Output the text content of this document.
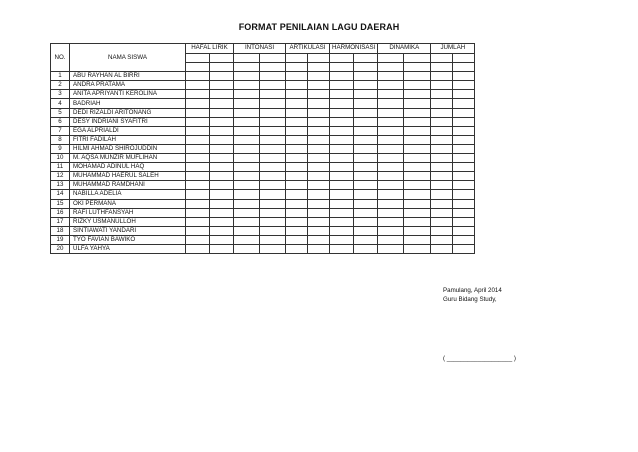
FORMAT PENILAIAN LAGU DAERAH
NO.	NAMA SISWA	HAFAL LIRIK		INTONASI		ARTIKULASI		HARMONISASI		DINAMIKA		JUMLAH	

1	ABU RAYHAN AL BIRRI												
2	ANDRA PRATAMA												
3	ANITA APRIYANTI KEROLINA												
4	BADRIAH												
5	DEDI RIZALDI ARITONANG												
6	DESY INDRIANI SYAFITRI												
7	EGA ALPRIALDI												
8	FITRI FADILAH												
9	HILMI AHMAD SHIROJUDDIN												
10	M. AQSA MUNZIR MUFLIHAN												
11	MOHAMAD ADINUL HAQ												
12	MUHAMMAD HAERUL SALEH												
13	MUHAMMAD RAMDHANI												
14	NABILLA ADELIA												
15	OKI PERMANA												
16	RAFI LUTHFANSYAH												
17	RIZKY USMANULLOH												
18	SINTIAWATI YANDARI												
19	TYO FAVIAN BAWIKO												
20	ULFA YAHYA												
Pamulang, April 2014
Guru Bidang Study,
( ___________________ )
